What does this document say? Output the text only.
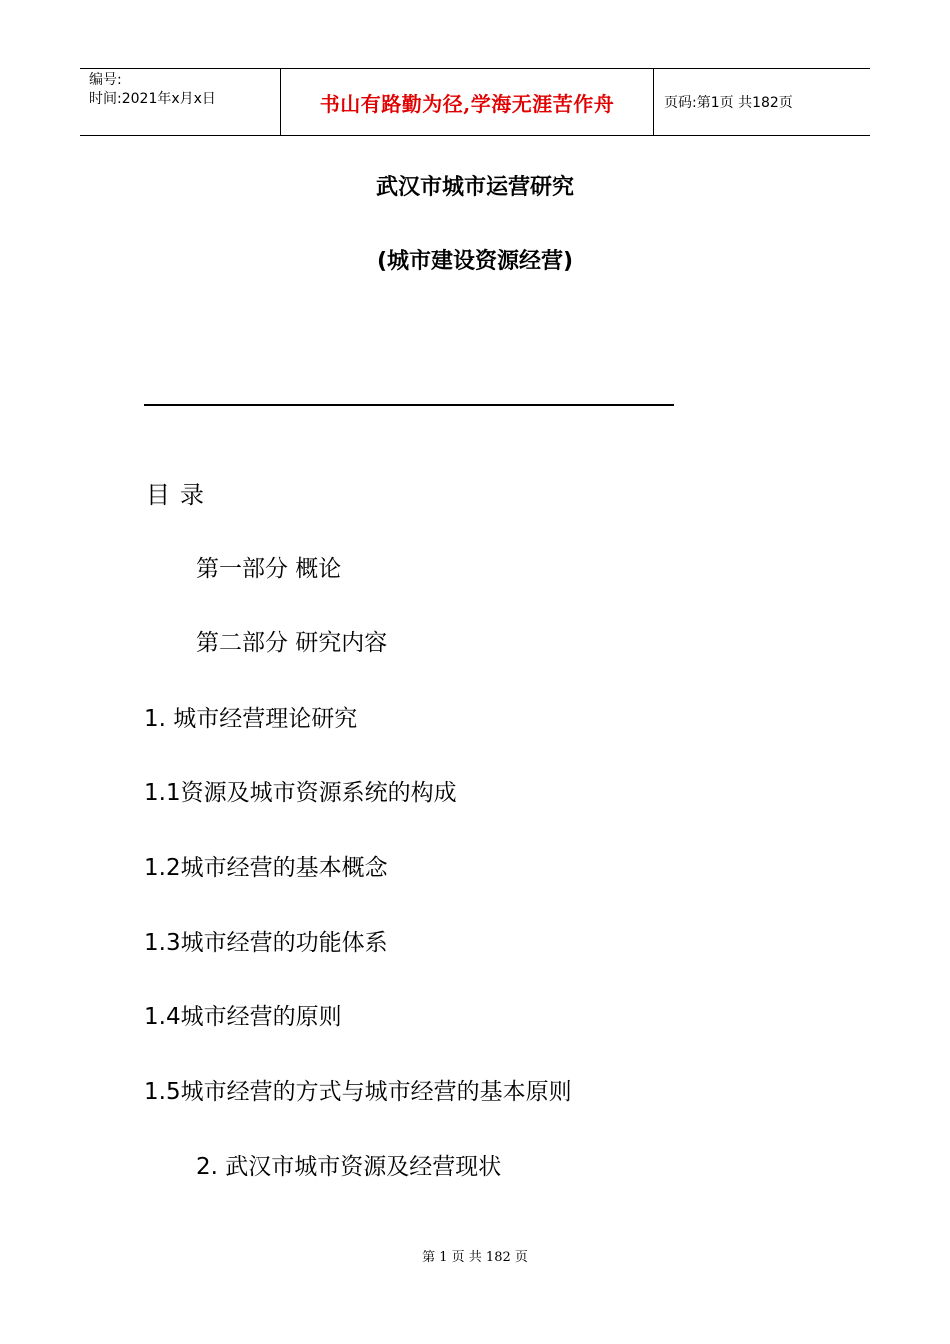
编号:
时间:2021年x月x日	书山有路勤为径,学海无涯苦作舟	页码:第1页 共182页
武汉市城市运营研究
(城市建设资源经营)
目录
第一部分 概论
第二部分 研究内容
1. 城市经营理论研究
1.1资源及城市资源系统的构成
1.2城市经营的基本概念
1.3城市经营的功能体系
1.4城市经营的原则
1.5城市经营的方式与城市经营的基本原则
2. 武汉市城市资源及经营现状
第 1 页 共 182 页
